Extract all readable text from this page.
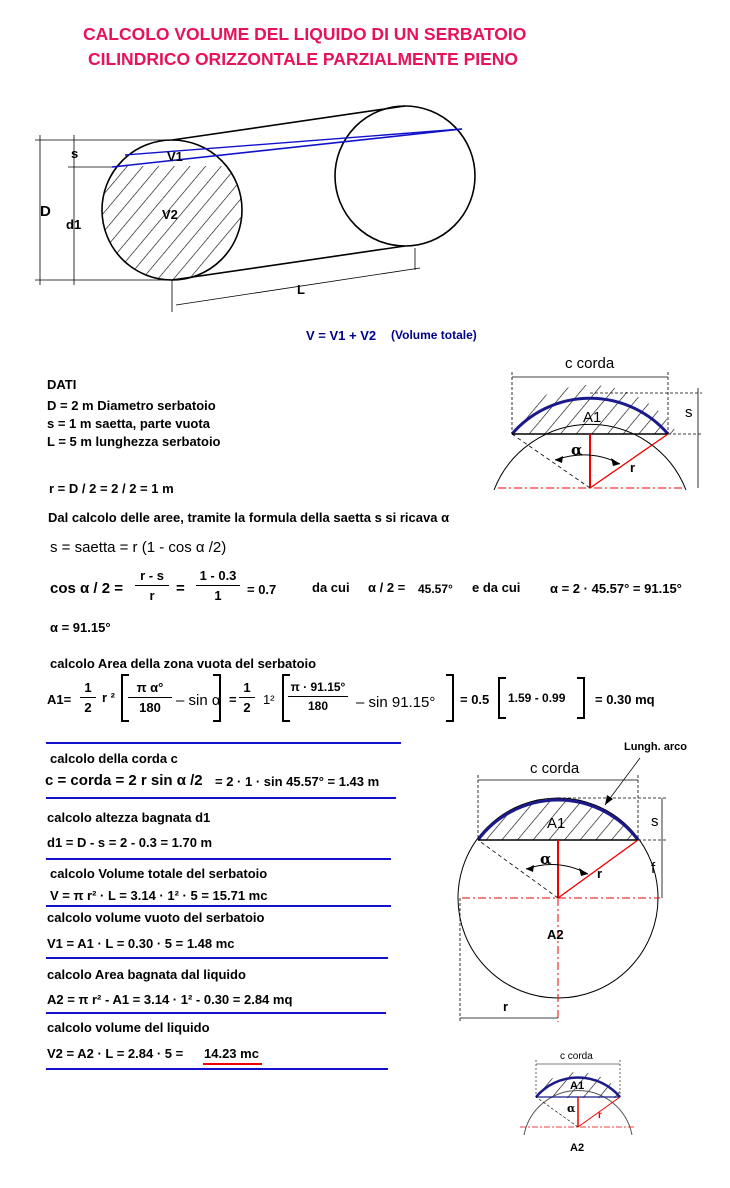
CALCOLO VOLUME DEL LIQUIDO DI UN SERBATOIO
CILINDRICO ORIZZONTALE PARZIALMENTE PIENO
s
D
d1
V1
V2
L
V = V1 + V2 (Volume totale)
DATI
D = 2 m Diametro serbatoio
s = 1 m saetta, parte vuota
L = 5 m lunghezza serbatoio
c corda
A1	s
α
r
r = D / 2 = 2 / 2 = 1 m
Dal calcolo delle aree, tramite la formula della saetta s si ricava α
s = saetta = r (1 - cos α /2)
cos α / 2 =
r - s
r	=
1 - 0.3
1	= 0.7	da cui α / 2 = 45.57° e da cui α = 2 · 45.57° = 91.15°
α = 91.15°
calcolo Area della zona vuota del serbatoio
A1=
1
2
r ²
π α°
180	– sin α =
1
2
1²
π · 91.15°
180	– sin 91.15° = 0.5 1.59 - 0.99 = 0.30 mq
calcolo della corda c
c = corda = 2 r sin α /2 = 2 · 1 · sin 45.57° = 1.43 m
calcolo altezza bagnata d1
d1 = D - s = 2 - 0.3 = 1.70 m
calcolo Volume totale del serbatoio
V = π r² · L = 3.14 · 1² · 5 = 15.71 mc
calcolo volume vuoto del serbatoio
V1 = A1 · L = 0.30 · 5 = 1.48 mc
calcolo Area bagnata dal liquido
A2 = π r² - A1 = 3.14 · 1² - 0.30 = 2.84 mq
calcolo volume del liquido
V2 = A2 · L = 2.84 · 5 = 14.23 mc
Lungh. arco
c corda
A1	s
f
α
r
A2
r
c corda
A1
α
r
A2
